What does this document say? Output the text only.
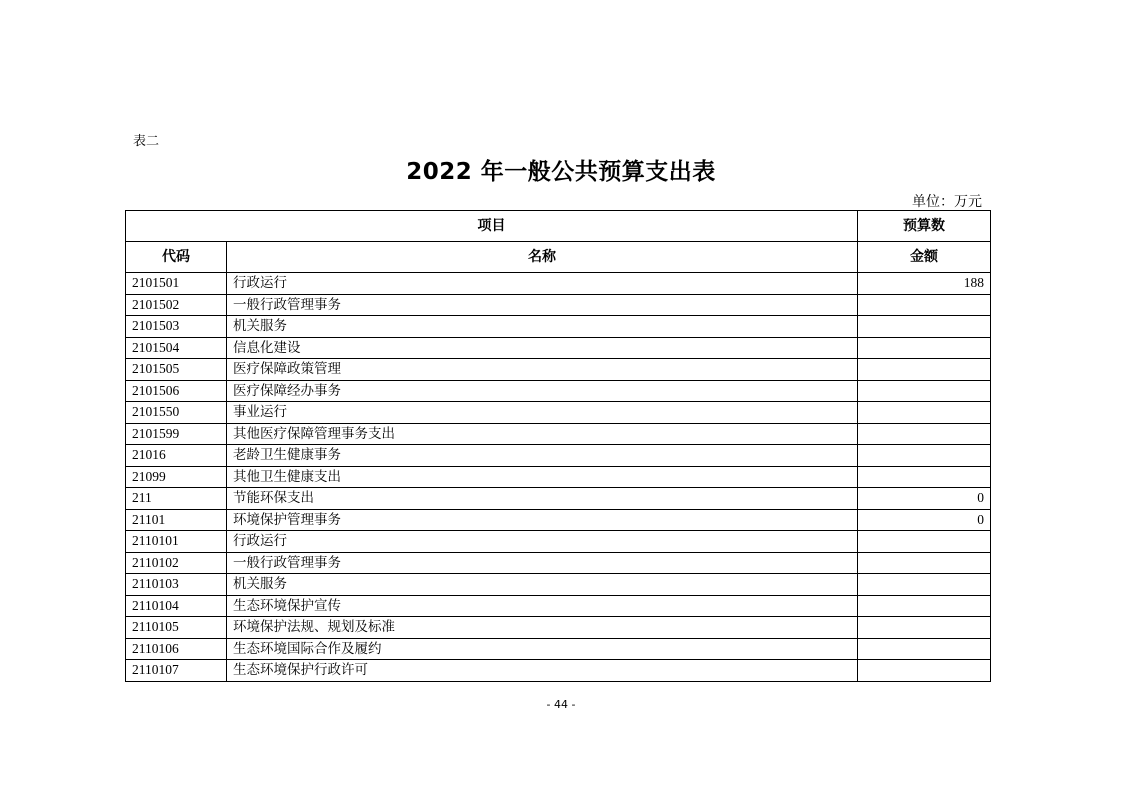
表二
2022 年一般公共预算支出表
单位：万元
项目		预算数
代码	名称	金额
2101501	行政运行	188
2101502	一般行政管理事务	
2101503	机关服务	
2101504	信息化建设	
2101505	医疗保障政策管理	
2101506	医疗保障经办事务	
2101550	事业运行	
2101599	其他医疗保障管理事务支出	
21016	老龄卫生健康事务	
21099	其他卫生健康支出	
211	节能环保支出	0
21101	环境保护管理事务	0
2110101	行政运行	
2110102	一般行政管理事务	
2110103	机关服务	
2110104	生态环境保护宣传	
2110105	环境保护法规、规划及标准	
2110106	生态环境国际合作及履约	
2110107	生态环境保护行政许可	
- 44 -
